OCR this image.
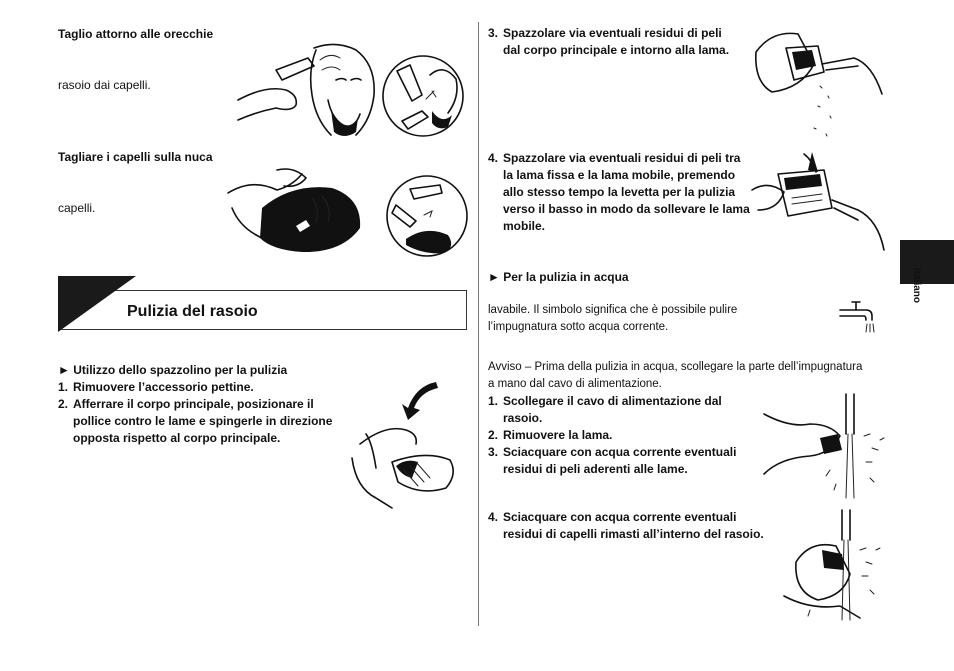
Taglio attorno alle orecchie
rasoio dai capelli.
Tagliare i capelli sulla nuca
capelli.
Pulizia del rasoio
► Utilizzo dello spazzolino per la pulizia
1. Rimuovere l’accessorio pettine.
2. Afferrare il corpo principale, posizionare il pollice contro le lame e spingerle in direzione opposta rispetto al corpo principale.
3. Spazzolare via eventuali residui di peli dal corpo principale e intorno alla lama.
4. Spazzolare via eventuali residui di peli tra la lama fissa e la lama mobile, premendo allo stesso tempo la levetta per la pulizia verso il basso in modo da sollevare le lama mobile.
► Per la pulizia in acqua
lavabile. Il simbolo significa che è possibile pulire
l’impugnatura sotto acqua corrente.
Avviso – Prima della pulizia in acqua, scollegare la parte dell’impugnatura
a mano dal cavo di alimentazione.
1. Scollegare il cavo di alimentazione dal rasoio.
2. Rimuovere la lama.
3. Sciacquare con acqua corrente eventuali residui di peli aderenti alle lame.
4. Sciacquare con acqua corrente eventuali residui di capelli rimasti all’interno del rasoio.
Italiano
